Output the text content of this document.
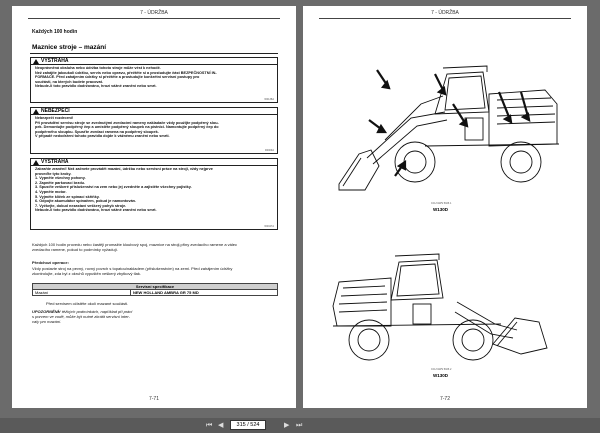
7 - ÚDRŽBA
Každých 100 hodin
Maznice stroje – mazání
VÝSTRAHA
Neoprávněná obsluha nebo údržba tohoto stroje může vést k nehodě.
Než zahájíte jakoukoli údržbu, servis nebo opravu, přečtěte si a prostudujte část BEZPEČNOSTNÍ IN-
FORMACE. Před zahájením údržby si přečtěte a prostudujte konkrétní servisní postupy pro
součásti, na kterých budete pracovat.
Nebude-li toto pravidlo dodržováno, hrozí vážné zranění nebo smrt.
W0138A
NEBEZPEČÍ
Nebezpečí rozdrcení!
Při provádění servisu stroje se zvednutými zvedacími rameny nakladače vždy použijte podpěrný slou-
pek. Demontujte podpěrný čep a umístěte podpěrný sloupek na pístnici. Namontujte podpěrný čep do
podpěrného sloupku. Spusťte zvedací ramena na podpěrný sloupek.
V případě nedodržení tohoto pravidla dojde k vážnému zranění nebo smrti.
D0009A
VÝSTRAHA
Zabraňte zranění! Než začnete provádět mazání, údržbu nebo servisní práce na stroji, vždy nejprve
proveďte tyto kroky.
1. Vypněte všechny pohony.
2. Zapněte parkovací brzdu.
3. Spusťte veškeré příslušenství na zem nebo jej zvedněte a zajistěte všechny pojistky.
4. Vypněte motor.
5. Vyjměte klíček ze spínací skříňky.
6. Odpojte akumulátor spínačem, pokud je namontován.
7. Vyčkejte, dokud nezastaví veškerý pohyb stroje.
Nebude-li toto pravidlo dodržováno, hrozí vážné zranění nebo smrt.
W0047A
Každých 100 hodin provedu nebo častěji promažte kloubový spoj, maznice na stroji,přiny zvedacího ramene a válec
zvedacího ramene, pokud to podmínky vyžadují.
Předchozí operace:
Vždy postavte stroj na pevný, rovný povrch s topatou/nakladem (příslušenstvím) na zemi. Před zahájením údržby
zkontrolujte, zda byl z okruhů vypuštěn veškerý zbytkový tlak.
Servisní specifikace
Mazání	NEW HOLLAND AMBRA GR 75 MD
Před servisem očistěte okolí mazané součásti.
UPOZORNĚNÍ:
V těžkých podmínkách, například při práci
s porvem ve vodě, může být nutné zkrátit servisní inter-
valy pro mazání.
7-71
7 - ÚDRŽBA
CCL7AWS 5026 1
W130D
CCL7AWS 5026 2
W130D
7-72
⏮ ◀	315 / 524	▶ ⏭
